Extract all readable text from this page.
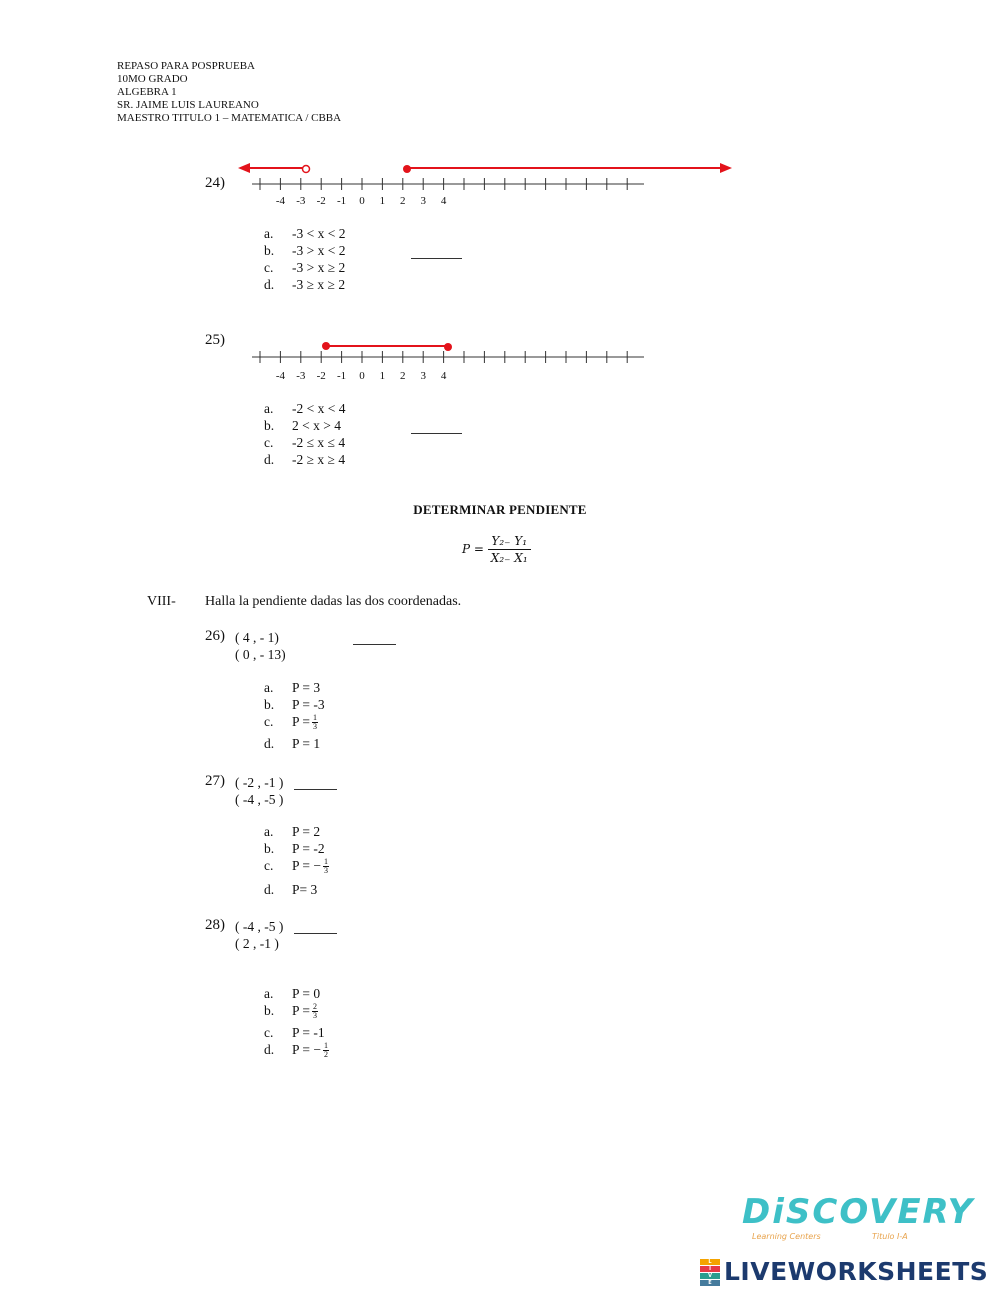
REPASO PARA POSPRUEBA
10MO GRADO
ALGEBRA 1
SR. JAIME LUIS LAUREANO
MAESTRO TITULO 1 – MATEMATICA / CBBA
24)
-4 -3 -2 -1 0 1 2 3 4
a. -3 < x < 2
b. -3 > x < 2
c. -3 > x ≥ 2
d. -3 ≥ x ≥ 2
25)
-4 -3 -2 -1 0 1 2 3 4
a. -2 < x < 4
b. 2 < x > 4
c. -2 ≤ x ≤ 4
d. -2 ≥ x ≥ 4
DETERMINAR PENDIENTE
$P = \frac{\text{Y₂₋ Y₁}}{\text{X₂₋ X₁}}$
VIII- Halla la pendiente dadas las dos coordenadas.
26) ( 4 , - 1)
( 0 , - 13)
a. P = 3
b. P = -3
c. $P = \frac{1}{3}$
d. P = 1
27) ( -2 , -1 )
( -4 , -5 )
a. P = 2
b. P = -2
c. P = − $\frac{1}{3}$
d. P= 3
28) ( -4 , -5 )
( 2 , -1 )
a. P = 0
b. $P = \frac{2}{3}$
c. P = -1
d. P = − $\frac{1}{2}$
DiSCOVERY
Learning Centers	Titulo I-A
L
I
V
E LIVEWORKSHEETS
